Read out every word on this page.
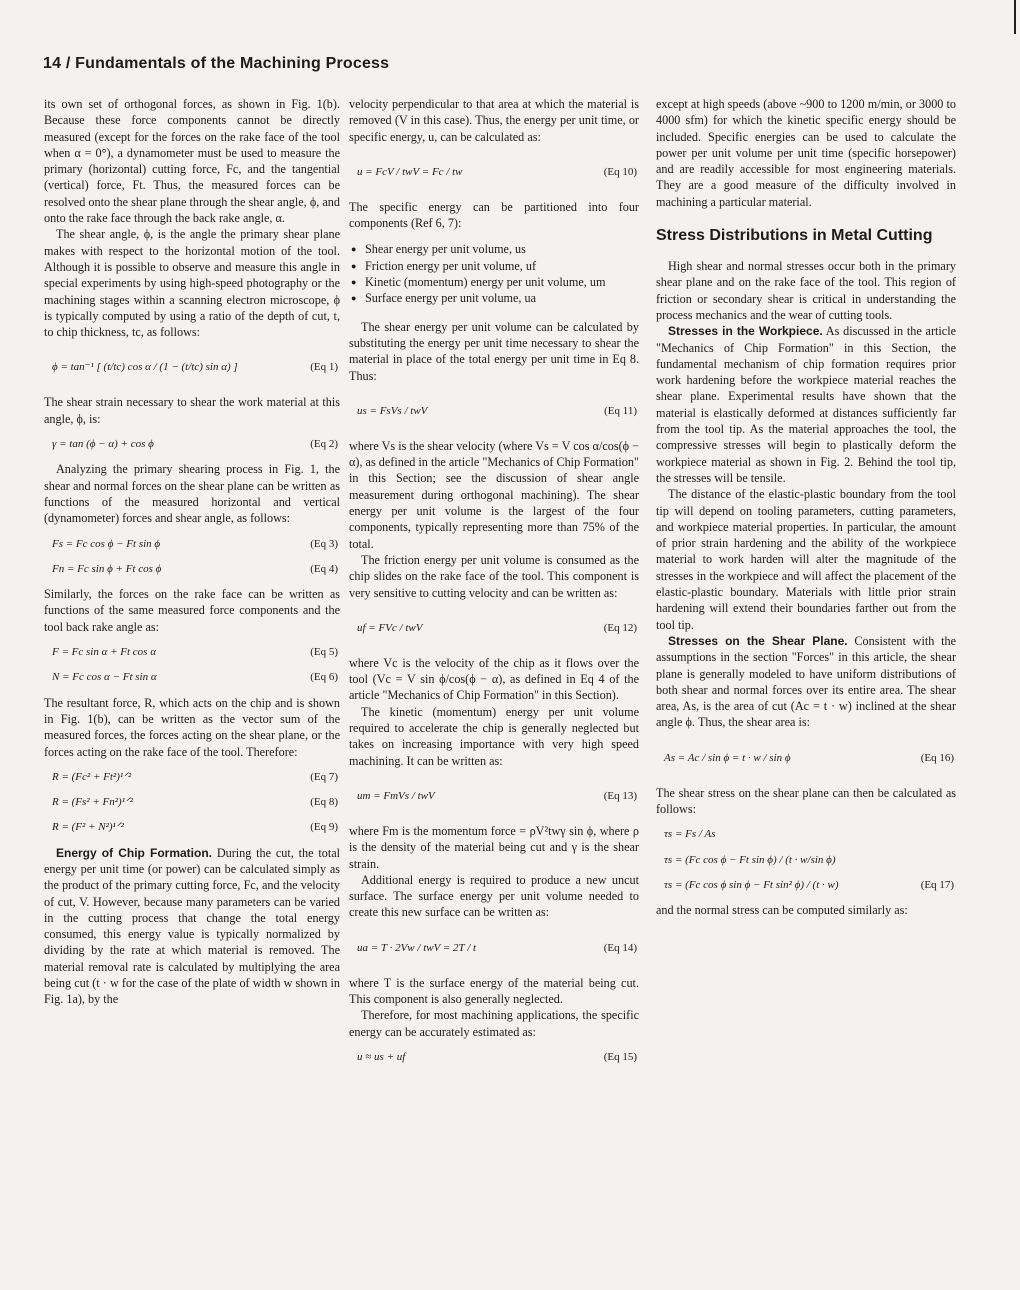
14 / Fundamentals of the Machining Process

its own set of orthogonal forces, as shown in Fig. 1(b). Because these force components cannot be directly measured (except for the forces on the rake face of the tool when α = 0°), a dynamometer must be used to measure the primary (horizontal) cutting force, Fc, and the tangential (vertical) force, Ft. Thus, the measured forces can be resolved onto the shear plane through the shear angle, ϕ, and onto the rake face through the back rake angle, α.

The shear angle, ϕ, is the angle the primary shear plane makes with respect to the horizontal motion of the tool. Although it is possible to observe and measure this angle in special experiments by using high-speed photography or the machining stages within a scanning electron microscope, ϕ is typically computed by using a ratio of the depth of cut, t, to chip thickness, tc, as follows:

ϕ = tan⁻¹ [ (t/tc) cos α / (1 − (t/tc) sin α) ]	(Eq 1)

The shear strain necessary to shear the work material at this angle, ϕ, is:

γ = tan (ϕ − α) + cos ϕ	(Eq 2)

Analyzing the primary shearing process in Fig. 1, the shear and normal forces on the shear plane can be written as functions of the measured horizontal and vertical (dynamometer) forces and shear angle, as follows:

Fs = Fc cos ϕ − Ft sin ϕ	(Eq 3)
Fn = Fc sin ϕ + Ft cos ϕ	(Eq 4)

Similarly, the forces on the rake face can be written as functions of the same measured force components and the tool back rake angle as:

F = Fc sin α + Ft cos α	(Eq 5)
N = Fc cos α − Ft sin α	(Eq 6)

The resultant force, R, which acts on the chip and is shown in Fig. 1(b), can be written as the vector sum of the measured forces, the forces acting on the shear plane, or the forces acting on the rake face of the tool. Therefore:

R = (Fc² + Ft²)¹ᐟ²	(Eq 7)
R = (Fs² + Fn²)¹ᐟ²	(Eq 8)
R = (F² + N²)¹ᐟ²	(Eq 9)

Energy of Chip Formation. During the cut, the total energy per unit time (or power) can be calculated simply as the product of the primary cutting force, Fc, and the velocity of cut, V. However, because many parameters can be varied in the cutting process that change the total energy consumed, this energy value is typically normalized by dividing by the rate at which material is removed. The material removal rate is calculated by multiplying the area being cut (t · w for the case of the plate of width w shown in Fig. 1a), by the

velocity perpendicular to that area at which the material is removed (V in this case). Thus, the energy per unit time, or specific energy, u, can be calculated as:

u = FcV / twV = Fc / tw	(Eq 10)

The specific energy can be partitioned into four components (Ref 6, 7):

● Shear energy per unit volume, us
● Friction energy per unit volume, uf
● Kinetic (momentum) energy per unit volume, um
● Surface energy per unit volume, ua

The shear energy per unit volume can be calculated by substituting the energy per unit time necessary to shear the material in place of the total energy per unit time in Eq 8. Thus:

us = FsVs / twV	(Eq 11)

where Vs is the shear velocity (where Vs = V cos α/cos(ϕ − α), as defined in the article "Mechanics of Chip Formation" in this Section; see the discussion of shear angle measurement during orthogonal machining). The shear energy per unit volume is the largest of the four components, typically representing more than 75% of the total.

The friction energy per unit volume is consumed as the chip slides on the rake face of the tool. This component is very sensitive to cutting velocity and can be written as:

uf = FVc / twV	(Eq 12)

where Vc is the velocity of the chip as it flows over the tool (Vc = V sin ϕ/cos(ϕ − α), as defined in Eq 4 of the article "Mechanics of Chip Formation" in this Section).

The kinetic (momentum) energy per unit volume required to accelerate the chip is generally neglected but takes on increasing importance with very high speed machining. It can be written as:

um = FmVs / twV	(Eq 13)

where Fm is the momentum force = ρV²twγ sin ϕ, where ρ is the density of the material being cut and γ is the shear strain.

Additional energy is required to produce a new uncut surface. The surface energy per unit volume needed to create this new surface can be written as:

ua = T · 2Vw / twV = 2T / t	(Eq 14)

where T is the surface energy of the material being cut. This component is also generally neglected.

Therefore, for most machining applications, the specific energy can be accurately estimated as:

u ≈ us + uf	(Eq 15)

except at high speeds (above ~900 to 1200 m/min, or 3000 to 4000 sfm) for which the kinetic specific energy should be included. Specific energies can be used to calculate the power per unit volume per unit time (specific horsepower) and are readily accessible for most engineering materials. They are a good measure of the difficulty involved in machining a particular material.

Stress Distributions in Metal Cutting

High shear and normal stresses occur both in the primary shear plane and on the rake face of the tool. This region of friction or secondary shear is critical in understanding the process mechanics and the wear of cutting tools.

Stresses in the Workpiece. As discussed in the article "Mechanics of Chip Formation" in this Section, the fundamental mechanism of chip formation requires prior work hardening before the workpiece material reaches the shear plane. Experimental results have shown that the material is elastically deformed at distances sufficiently far from the tool tip. As the material approaches the tool, the compressive stresses will begin to plastically deform the workpiece material as shown in Fig. 2. Behind the tool tip, the stresses will be tensile.

The distance of the elastic-plastic boundary from the tool tip will depend on tooling parameters, cutting parameters, and workpiece material properties. In particular, the amount of prior strain hardening and the ability of the workpiece material to work harden will alter the magnitude of the stresses in the workpiece and will affect the placement of the elastic-plastic boundary. Materials with little prior strain hardening will extend their boundaries farther out from the tool tip.

Stresses on the Shear Plane. Consistent with the assumptions in the section "Forces" in this article, the shear plane is generally modeled to have uniform distributions of both shear and normal forces over its entire area. The shear area, As, is the area of cut (Ac = t · w) inclined at the shear angle ϕ. Thus, the shear area is:

As = Ac / sin ϕ = t · w / sin ϕ	(Eq 16)

The shear stress on the shear plane can then be calculated as follows:

τs = Fs / As
τs = (Fc cos ϕ − Ft sin ϕ) / (t · w/sin ϕ)
τs = (Fc cos ϕ sin ϕ − Ft sin² ϕ) / (t · w)	(Eq 17)

and the normal stress can be computed similarly as:
